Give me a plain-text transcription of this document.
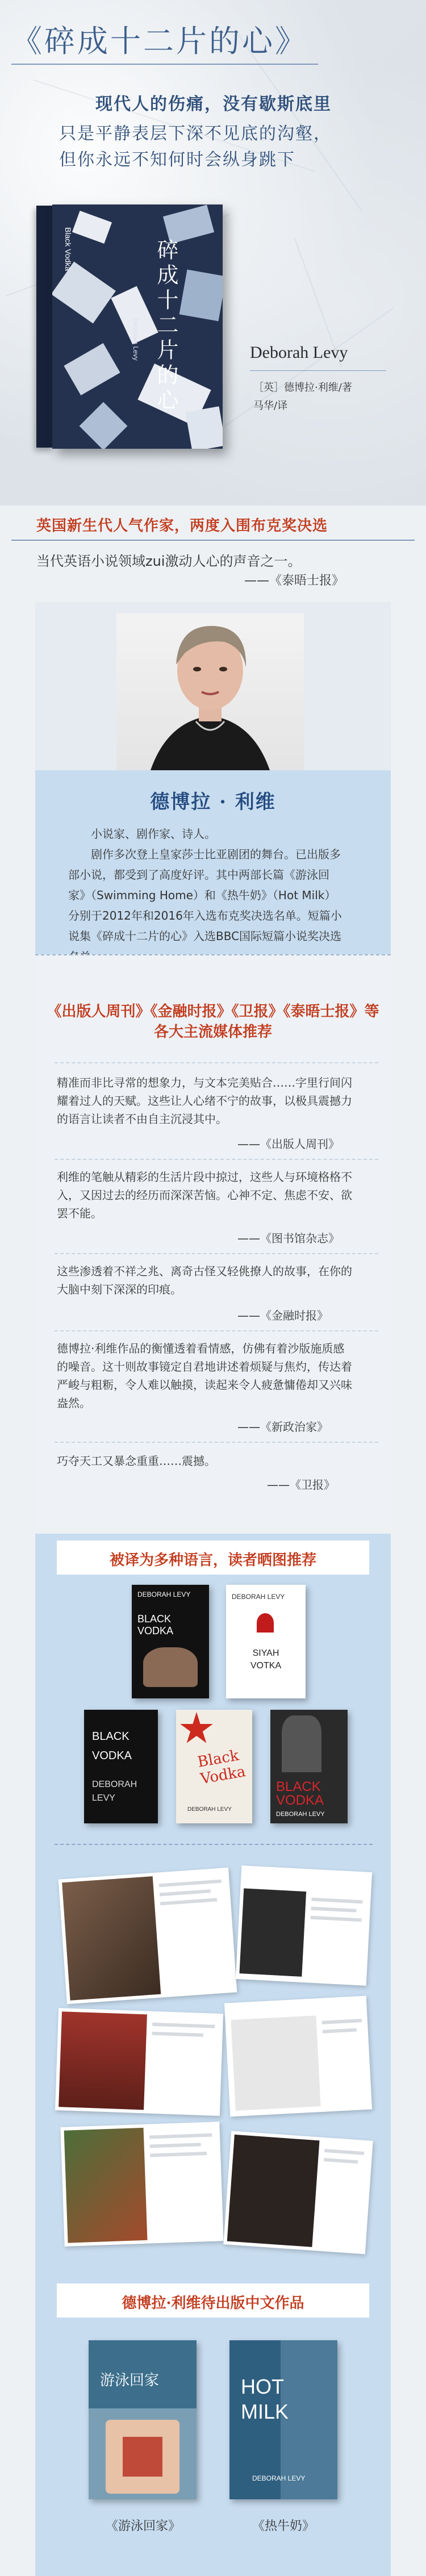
《碎成十二片的心》
现代人的伤痛，没有歇斯底里
只是平静表层下深不见底的沟壑，
但你永远不知何时会纵身跳下
Black Vodka
Deborah Levy 碎成十二片的心	Deborah Levy
［英］德博拉·利维/著
马华/译
英国新生代人气作家，两度入围布克奖决选
当代英语小说领域zui激动人心的声音之一。
——《泰晤士报》
德博拉 · 利维
小说家、剧作家、诗人。
剧作多次登上皇家莎士比亚剧团的舞台。已出版多
部小说，都受到了高度好评。其中两部长篇《游泳回
家》（Swimming Home）和《热牛奶》（Hot Milk）
分别于2012年和2016年入选布克奖决选名单。短篇小
说集《碎成十二片的心》入选BBC国际短篇小说奖决选
《出版人周刊》《金融时报》《卫报》《泰晤士报》等
各大主流媒体推荐
精准而非比寻常的想象力，与文本完美贴合……字里行间闪
耀着过人的天赋。这些让人心绪不宁的故事，以极具震撼力
的语言让读者不由自主沉浸其中。
——《出版人周刊》
利维的笔触从精彩的生活片段中掠过，这些人与环境格格不
入，又因过去的经历而深深苦恼。心神不定、焦虑不安、欲
罢不能。
——《图书馆杂志》
这些渗透着不祥之兆、离奇古怪又轻佻撩人的故事，在你的
大脑中刻下深深的印痕。
——《金融时报》
德博拉·利维作品的衡懂透着看情感，仿佛有着沙版施质感
的噪音。这十则故事镜定自君地讲述着烦疑与焦灼，传达着
严峻与粗粝，令人难以触摸，读起来令人疲惫慵倦却又兴味
盎然。
——《新政治家》
巧夺天工又暴念重重……震撼。
——《卫报》
被译为多种语言，读者晒图推荐
DEBORAH LEVY
BLACK VODKA
DEBORAH LEVY
SIYAH VOTKA
BLACK VODKA
DEBORAH LEVY
Black Vodka
DEBORAH LEVY
BLACK VODKA
DEBORAH LEVY
德博拉·利维待出版中文作品
游泳回家
《游泳回家》
HOT MILK
DEBORAH LEVY
《热牛奶》
